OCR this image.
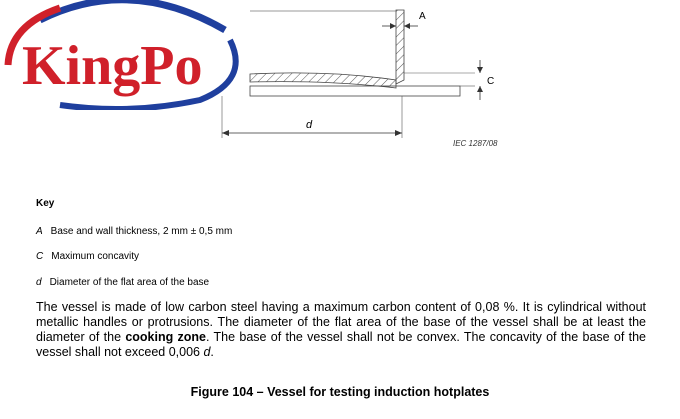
A
C
d
KingPo
IEC 1287/08
Key
A Base and wall thickness, 2 mm ± 0,5 mm
C Maximum concavity
d Diameter of the flat area of the base
The vessel is made of low carbon steel having a maximum carbon content of 0,08 %. It is cylindrical without metallic handles or protrusions. The diameter of the flat area of the base of the vessel shall be at least the diameter of the cooking zone. The base of the vessel shall not be convex. The concavity of the base of the vessel shall not exceed 0,006 d.
Figure 104 – Vessel for testing induction hotplates
